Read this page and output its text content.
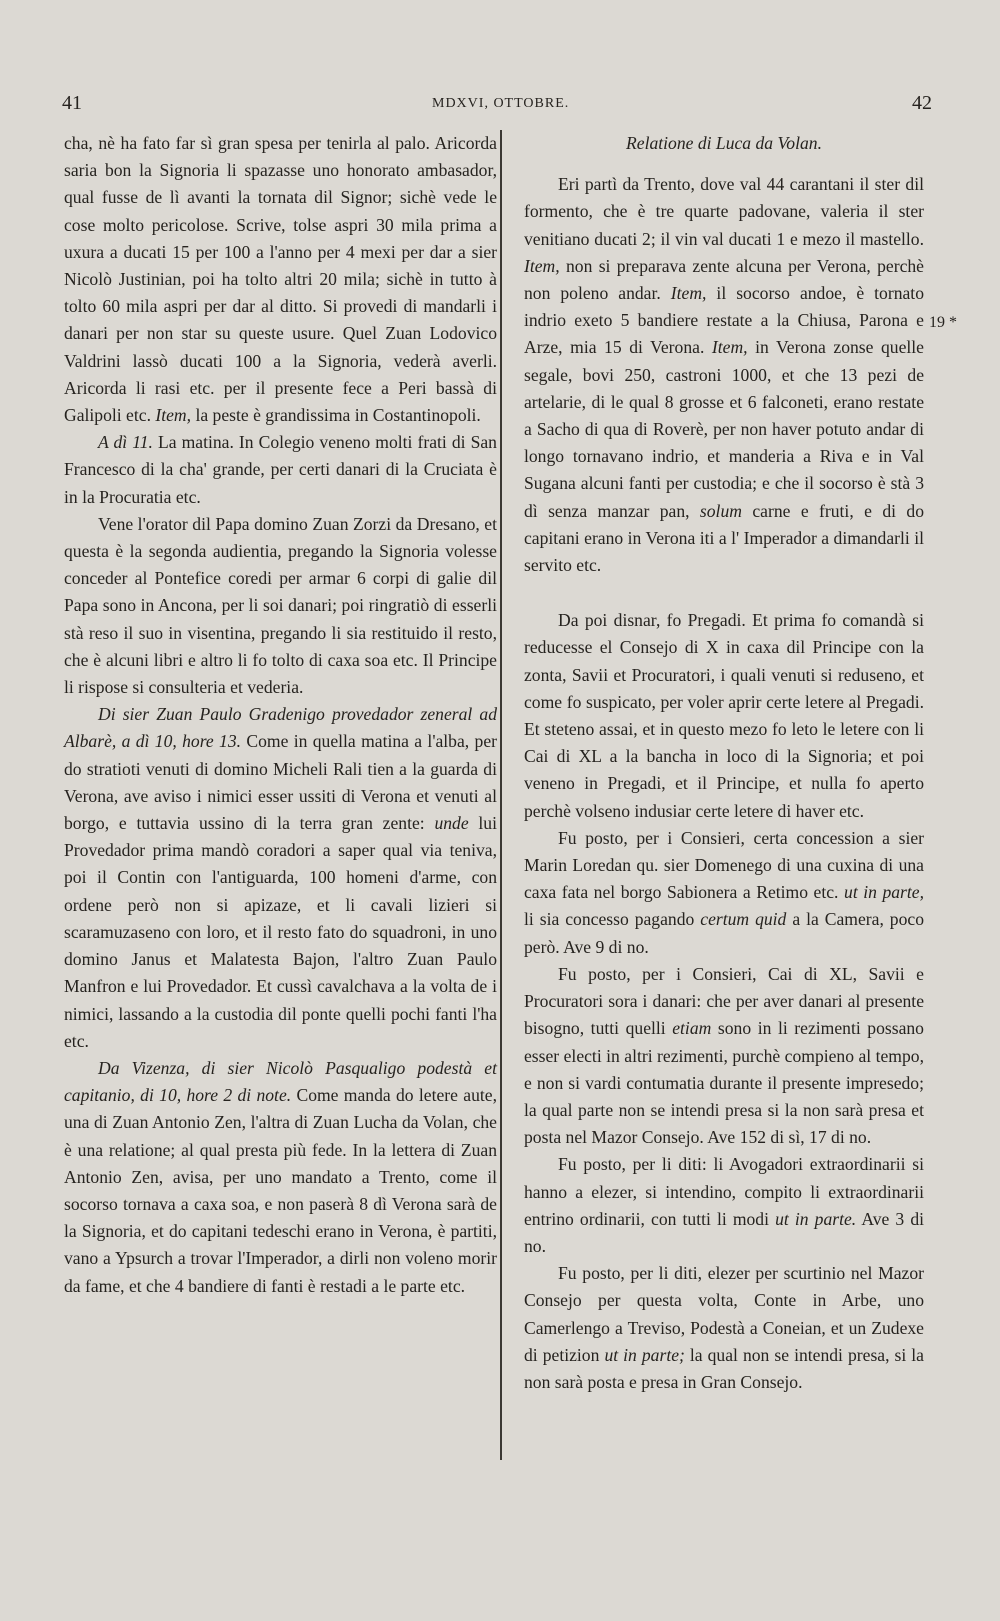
41	MDXVI, OTTOBRE.	42

cha, nè ha fato far sì gran spesa per tenirla al palo. Aricorda saria bon la Signoria li spazasse uno honorato ambasador, qual fusse de lì avanti la tornata dil Signor; sichè vede le cose molto pericolose. Scrive, tolse aspri 30 mila prima a uxura a ducati 15 per 100 a l'anno per 4 mexi per dar a sier Nicolò Justinian, poi ha tolto altri 20 mila; sichè in tutto à tolto 60 mila aspri per dar al ditto. Si provedi di mandarli i danari per non star su queste usure. Quel Zuan Lodovico Valdrini lassò ducati 100 a la Signoria, vederà averli. Aricorda li rasi etc. per il presente fece a Peri bassà di Galipoli etc. Item, la peste è grandissima in Costantinopoli.

A dì 11. La matina. In Colegio veneno molti frati di San Francesco di la cha' grande, per certi danari di la Cruciata è in la Procuratia etc.

Vene l'orator dil Papa domino Zuan Zorzi da Dresano, et questa è la segonda audientia, pregando la Signoria volesse conceder al Pontefice coredi per armar 6 corpi di galie dil Papa sono in Ancona, per li soi danari; poi ringratiò di esserli stà reso il suo in visentina, pregando li sia restituido il resto, che è alcuni libri e altro li fo tolto di caxa soa etc. Il Principe li rispose si consulteria et vederia.

Di sier Zuan Paulo Gradenigo provedador zeneral ad Albarè, a dì 10, hore 13. Come in quella matina a l'alba, per do stratioti venuti di domino Micheli Rali tien a la guarda di Verona, ave aviso i nimici esser ussiti di Verona et venuti al borgo, e tuttavia ussino di la terra gran zente: unde lui Provedador prima mandò coradori a saper qual via teniva, poi il Contin con l'antiguarda, 100 homeni d'arme, con ordene però non si apizaze, et li cavali lizieri si scaramuzaseno con loro, et il resto fato do squadroni, in uno domino Janus et Malatesta Bajon, l'altro Zuan Paulo Manfron e lui Provedador. Et cussì cavalchava a la volta de i nimici, lassando a la custodia dil ponte quelli pochi fanti l'ha etc.

Da Vizenza, di sier Nicolò Pasqualigo podestà et capitanio, di 10, hore 2 di note. Come manda do letere aute, una di Zuan Antonio Zen, l'altra di Zuan Lucha da Volan, che è una relatione; al qual presta più fede. In la lettera di Zuan Antonio Zen, avisa, per uno mandato a Trento, come il socorso tornava a caxa soa, e non paserà 8 dì Verona sarà de la Signoria, et do capitani tedeschi erano in Verona, è partiti, vano a Ypsurch a trovar l'Imperador, a dirli non voleno morir da fame, et che 4 bandiere di fanti è restadi a le parte etc.

Relatione di Luca da Volan.

Eri partì da Trento, dove val 44 carantani il ster dil formento, che è tre quarte padovane, valeria il ster venitiano ducati 2; il vin val ducati 1 e mezo il mastello. Item, non si preparava zente alcuna per Verona, perchè non poleno andar. Item, il socorso andoe, è tornato indrio exeto 5 bandiere restate a la Chiusa, Parona e Arze, mia 15 di Verona. Item, in Verona zonse quelle segale, bovi 250, castroni 1000, et che 13 pezi de artelarie, di le qual 8 grosse et 6 falconeti, erano restate a Sacho di qua di Roverè, per non haver potuto andar di longo tornavano indrio, et manderia a Riva e in Val Sugana alcuni fanti per custodia; e che il socorso è stà 3 dì senza manzar pan, solum carne e fruti, e di do capitani erano in Verona iti a l' Imperador a dimandarli il servito etc.

Da poi disnar, fo Pregadi. Et prima fo comandà si reducesse el Consejo di X in caxa dil Principe con la zonta, Savii et Procuratori, i quali venuti si reduseno, et come fo suspicato, per voler aprir certe letere al Pregadi. Et steteno assai, et in questo mezo fo leto le letere con li Cai di XL a la bancha in loco di la Signoria; et poi veneno in Pregadi, et il Principe, et nulla fo aperto perchè volseno indusiar certe letere di haver etc.

Fu posto, per i Consieri, certa concession a sier Marin Loredan qu. sier Domenego di una cuxina di una caxa fata nel borgo Sabionera a Retimo etc. ut in parte, li sia concesso pagando certum quid a la Camera, poco però. Ave 9 di no.

Fu posto, per i Consieri, Cai di XL, Savii e Procuratori sora i danari: che per aver danari al presente bisogno, tutti quelli etiam sono in li rezimenti possano esser electi in altri rezimenti, purchè compieno al tempo, e non si vardi contumatia durante il presente impresedo; la qual parte non se intendi presa si la non sarà presa et posta nel Mazor Consejo. Ave 152 di sì, 17 di no.

Fu posto, per li diti: li Avogadori extraordinarii si hanno a elezer, si intendino, compito li extraordinarii entrino ordinarii, con tutti li modi ut in parte. Ave 3 di no.

Fu posto, per li diti, elezer per scurtinio nel Mazor Consejo per questa volta, Conte in Arbe, uno Camerlengo a Treviso, Podestà a Coneian, et un Zudexe di petizion ut in parte; la qual non se intendi presa, si la non sarà posta e presa in Gran Consejo.

19 *
